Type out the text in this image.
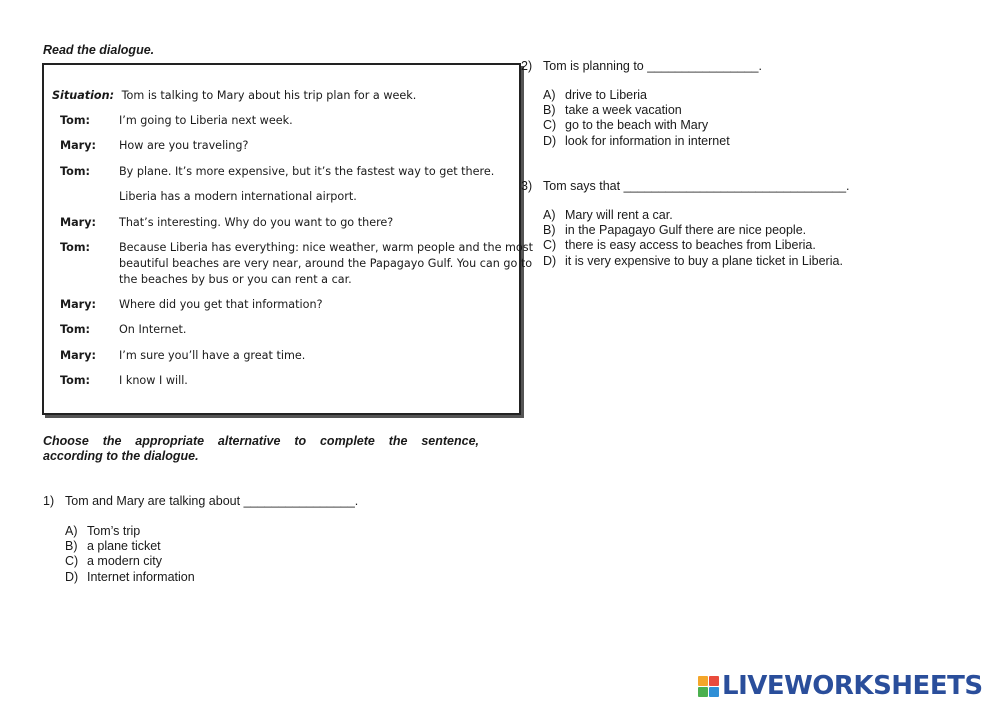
Read the dialogue.
Situation: Tom is talking to Mary about his trip plan for a week.
Tom:	I’m going to Liberia next week.
Mary: How are you traveling?
Tom:	By plane. It’s more expensive, but it’s the fastest way to get there.
Liberia has a modern international airport.
Mary: That’s interesting. Why do you want to go there?
Tom:	Because Liberia has everything: nice weather, warm people and the most
beautiful beaches are very near, around the Papagayo Gulf. You can go to
the beaches by bus or you can rent a car.
Mary: Where did you get that information?
Tom:	On Internet.
Mary: I’m sure you’ll have a great time.
Tom:	I know I will.
Choose the appropriate alternative to complete the sentence,
according to the dialogue.
1) Tom and Mary are talking about ________________.
A) Tom’s trip
B) a plane ticket
C) a modern city
D) Internet information
2) Tom is planning to ________________.
A) drive to Liberia
B) take a week vacation
C) go to the beach with Mary
D) look for information in internet
3) Tom says that ________________________________.
A) Mary will rent a car.
B) in the Papagayo Gulf there are nice people.
C) there is easy access to beaches from Liberia.
D) it is very expensive to buy a plane ticket in Liberia.
LIVEWORKSHEETS
